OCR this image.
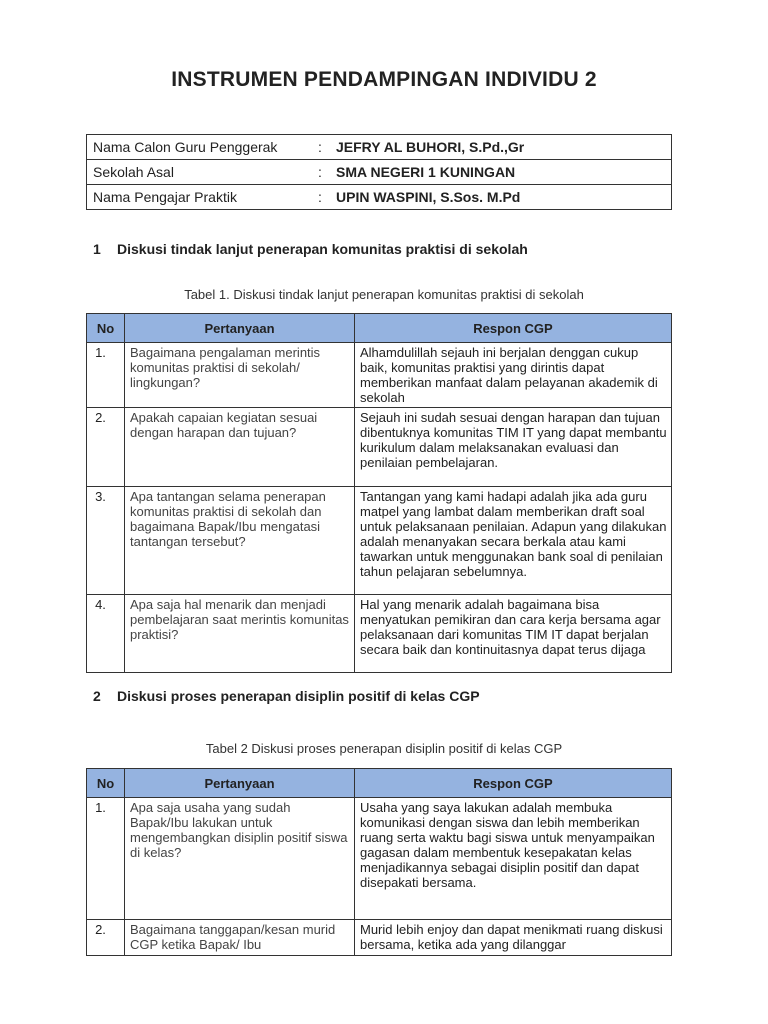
INSTRUMEN PENDAMPINGAN INDIVIDU 2
Nama Calon Guru Penggerak	:	JEFRY AL BUHORI, S.Pd.,Gr
Sekolah Asal	:	SMA NEGERI 1 KUNINGAN
Nama Pengajar Praktik	:	UPIN WASPINI, S.Sos. M.Pd
1 Diskusi tindak lanjut penerapan komunitas praktisi di sekolah
Tabel 1. Diskusi tindak lanjut penerapan komunitas praktisi di sekolah
No	Pertanyaan	Respon CGP
1.	Bagaimana pengalaman merintis komunitas praktisi di sekolah/ lingkungan?	Alhamdulillah sejauh ini berjalan denggan cukup baik, komunitas praktisi yang dirintis dapat memberikan manfaat dalam pelayanan akademik di sekolah
2.	Apakah capaian kegiatan sesuai dengan harapan dan tujuan?	Sejauh ini sudah sesuai dengan harapan dan tujuan dibentuknya komunitas TIM IT yang dapat membantu kurikulum dalam melaksanakan evaluasi dan penilaian pembelajaran.
3.	Apa tantangan selama penerapan komunitas praktisi di sekolah dan bagaimana Bapak/Ibu mengatasi tantangan tersebut?	Tantangan yang kami hadapi adalah jika ada guru matpel yang lambat dalam memberikan draft soal untuk pelaksanaan penilaian. Adapun yang dilakukan adalah menanyakan secara berkala atau kami tawarkan untuk menggunakan bank soal di penilaian tahun pelajaran sebelumnya.
4.	Apa saja hal menarik dan menjadi pembelajaran saat merintis komunitas praktisi?	Hal yang menarik adalah bagaimana bisa menyatukan pemikiran dan cara kerja bersama agar pelaksanaan dari komunitas TIM IT dapat berjalan secara baik dan kontinuitasnya dapat terus dijaga
2 Diskusi proses penerapan disiplin positif di kelas CGP
Tabel 2 Diskusi proses penerapan disiplin positif di kelas CGP
No	Pertanyaan	Respon CGP
1.	Apa saja usaha yang sudah Bapak/Ibu lakukan untuk mengembangkan disiplin positif siswa di kelas?	Usaha yang saya lakukan adalah membuka komunikasi dengan siswa dan lebih memberikan ruang serta waktu bagi siswa untuk menyampaikan gagasan dalam membentuk kesepakatan kelas menjadikannya sebagai disiplin positif dan dapat disepakati bersama.
2.	Bagaimana tanggapan/kesan murid CGP ketika Bapak/ Ibu	Murid lebih enjoy dan dapat menikmati ruang diskusi bersama, ketika ada yang dilanggar
